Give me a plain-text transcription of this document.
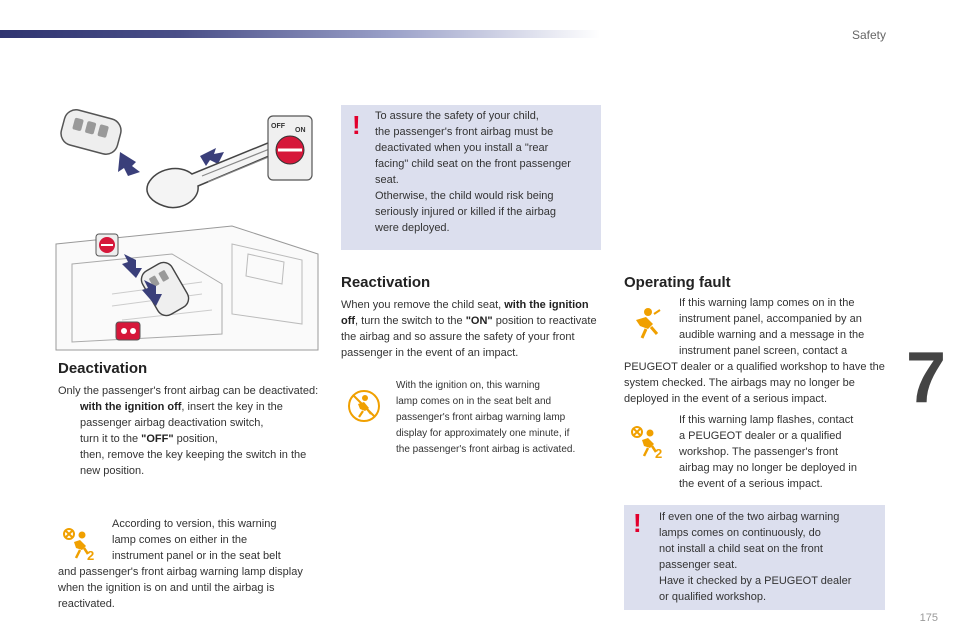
Safety
7
175
OFF
ON ! To assure the safety of your child,
the passenger's front airbag must be
deactivated when you install a "rear
facing" child seat on the front passenger
seat.
Otherwise, the child would risk being
seriously injured or killed if the airbag
were deployed.
Deactivation
Only the passenger's front airbag can be deactivated:
with the ignition off, insert the key in the passenger airbag deactivation switch,
turn it to the "OFF" position,
then, remove the key keeping the switch in the new position.
2
According to version, this warning
lamp comes on either in the
instrument panel or in the seat belt
and passenger's front airbag warning lamp display when the ignition is on and until the airbag is reactivated.
Reactivation
When you remove the child seat, with the ignition off, turn the switch to the "ON" position to reactivate the airbag and so assure the safety of your front passenger in the event of an impact.
With the ignition on, this warning
lamp comes on in the seat belt and
passenger's front airbag warning lamp
display for approximately one minute, if
the passenger's front airbag is activated.
Operating fault
If this warning lamp comes on in the
instrument panel, accompanied by an
audible warning and a message in the
instrument panel screen, contact a
PEUGEOT dealer or a qualified workshop to have the system checked. The airbags may no longer be deployed in the event of a serious impact.
2
If this warning lamp flashes, contact
a PEUGEOT dealer or a qualified
workshop. The passenger's front
airbag may no longer be deployed in
the event of a serious impact.
! If even one of the two airbag warning
lamps comes on continuously, do
not install a child seat on the front
passenger seat.
Have it checked by a PEUGEOT dealer
or qualified workshop.
